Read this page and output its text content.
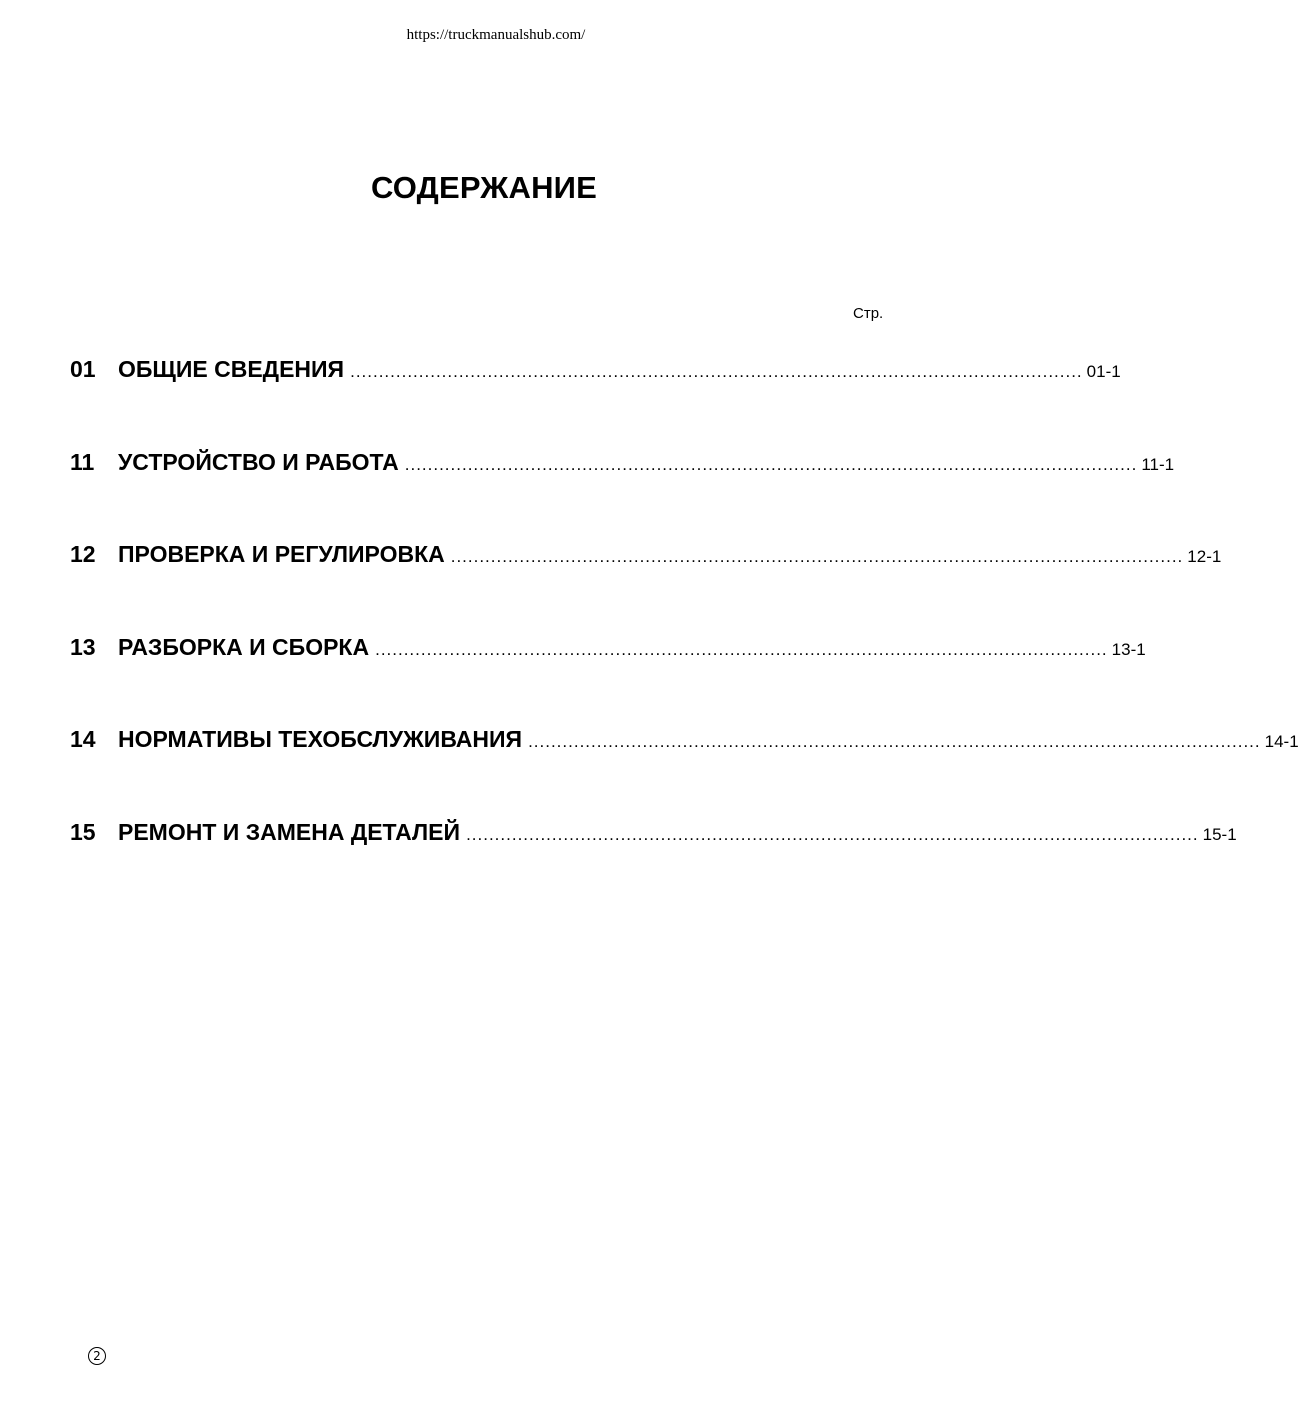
https://truckmanualshub.com/
СОДЕРЖАНИЕ
Стр.
01 ОБЩИЕ СВЕДЕНИЯ ................................................................................................................................ 01-1
11	УСТРОЙСТВО И РАБОТА ................................................................................................................................ 11-1
12 ПРОВЕРКА И РЕГУЛИРОВКА ................................................................................................................................ 12-1
13 РАЗБОРКА И СБОРКА ................................................................................................................................ 13-1
14 НОРМАТИВЫ ТЕХОБСЛУЖИВАНИЯ ................................................................................................................................ 14-1
15 РЕМОНТ И ЗАМЕНА ДЕТАЛЕЙ ................................................................................................................................ 15-1
2
